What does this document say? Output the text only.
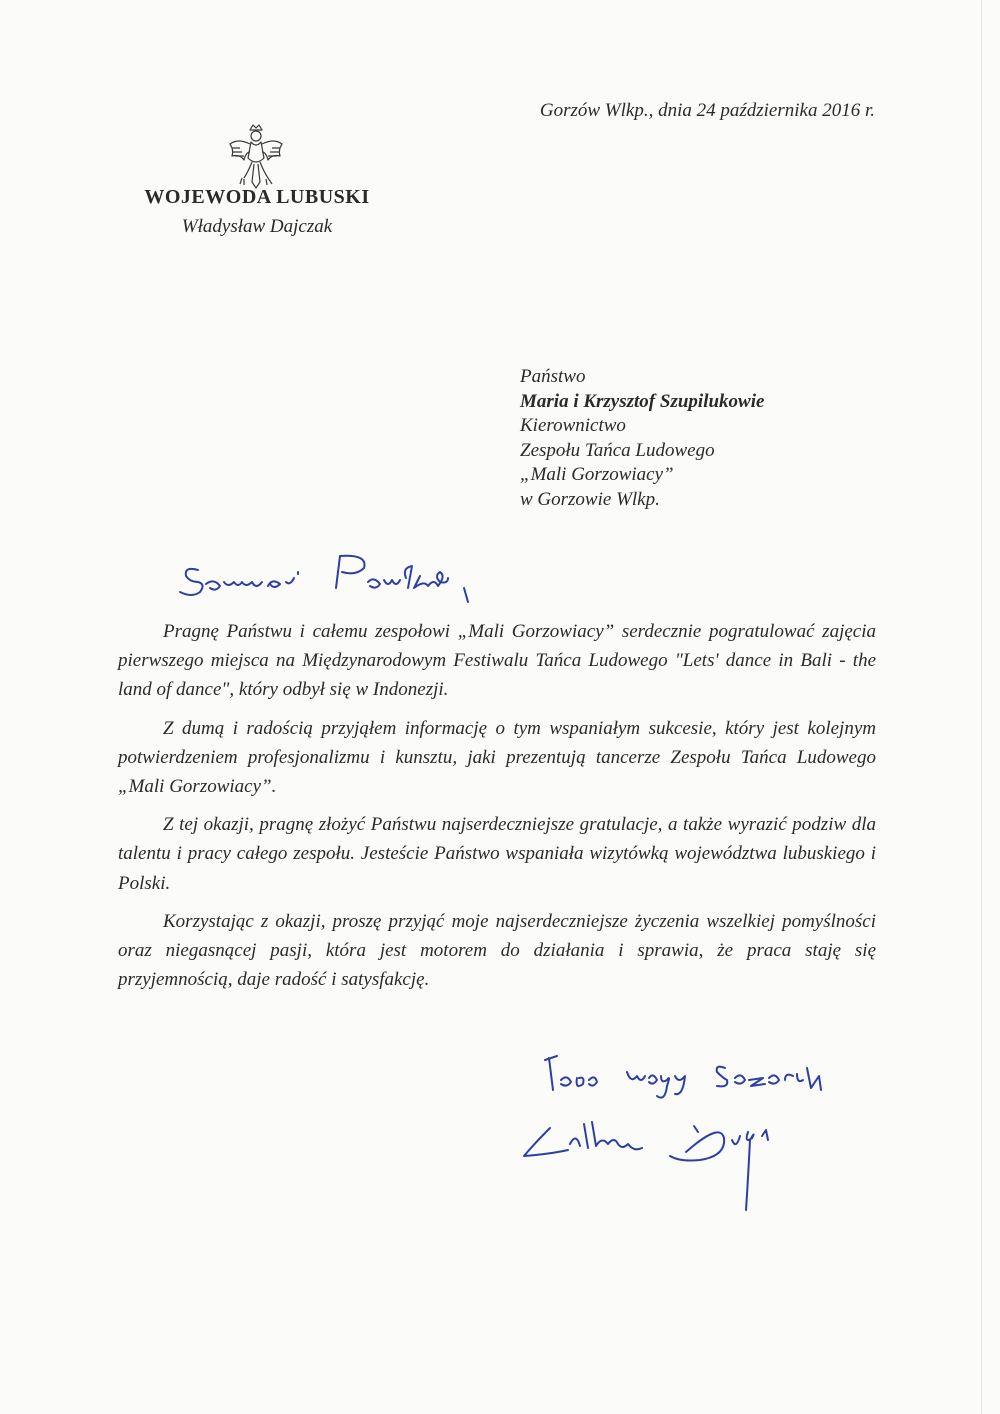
Gorzów Wlkp., dnia 24 października 2016 r.
WOJEWODA LUBUSKI
Władysław Dajczak
Państwo
Maria i Krzysztof Szupilukowie
Kierownictwo
Zespołu Tańca Ludowego
„Mali Gorzowiacy”
w Gorzowie Wlkp.

Pragnę Państwu i całemu zespołowi „Mali Gorzowiacy” serdecznie pogratulować zajęcia pierwszego miejsca na Międzynarodowym Festiwalu Tańca Ludowego "Lets' dance in Bali - the land of dance", który odbył się w Indonezji.

Z dumą i radością przyjąłem informację o tym wspaniałym sukcesie, który jest kolejnym potwierdzeniem profesjonalizmu i kunsztu, jaki prezentują tancerze Zespołu Tańca Ludowego „Mali Gorzowiacy”.

Z tej okazji, pragnę złożyć Państwu najserdeczniejsze gratulacje, a także wyrazić podziw dla talentu i pracy całego zespołu. Jesteście Państwo wspaniała wizytówką województwa lubuskiego i Polski.

Korzystając z okazji, proszę przyjąć moje najserdeczniejsze życzenia wszelkiej pomyślności oraz niegasnącej pasji, która jest motorem do działania i sprawia, że praca staję się przyjemnością, daje radość i satysfakcję.
